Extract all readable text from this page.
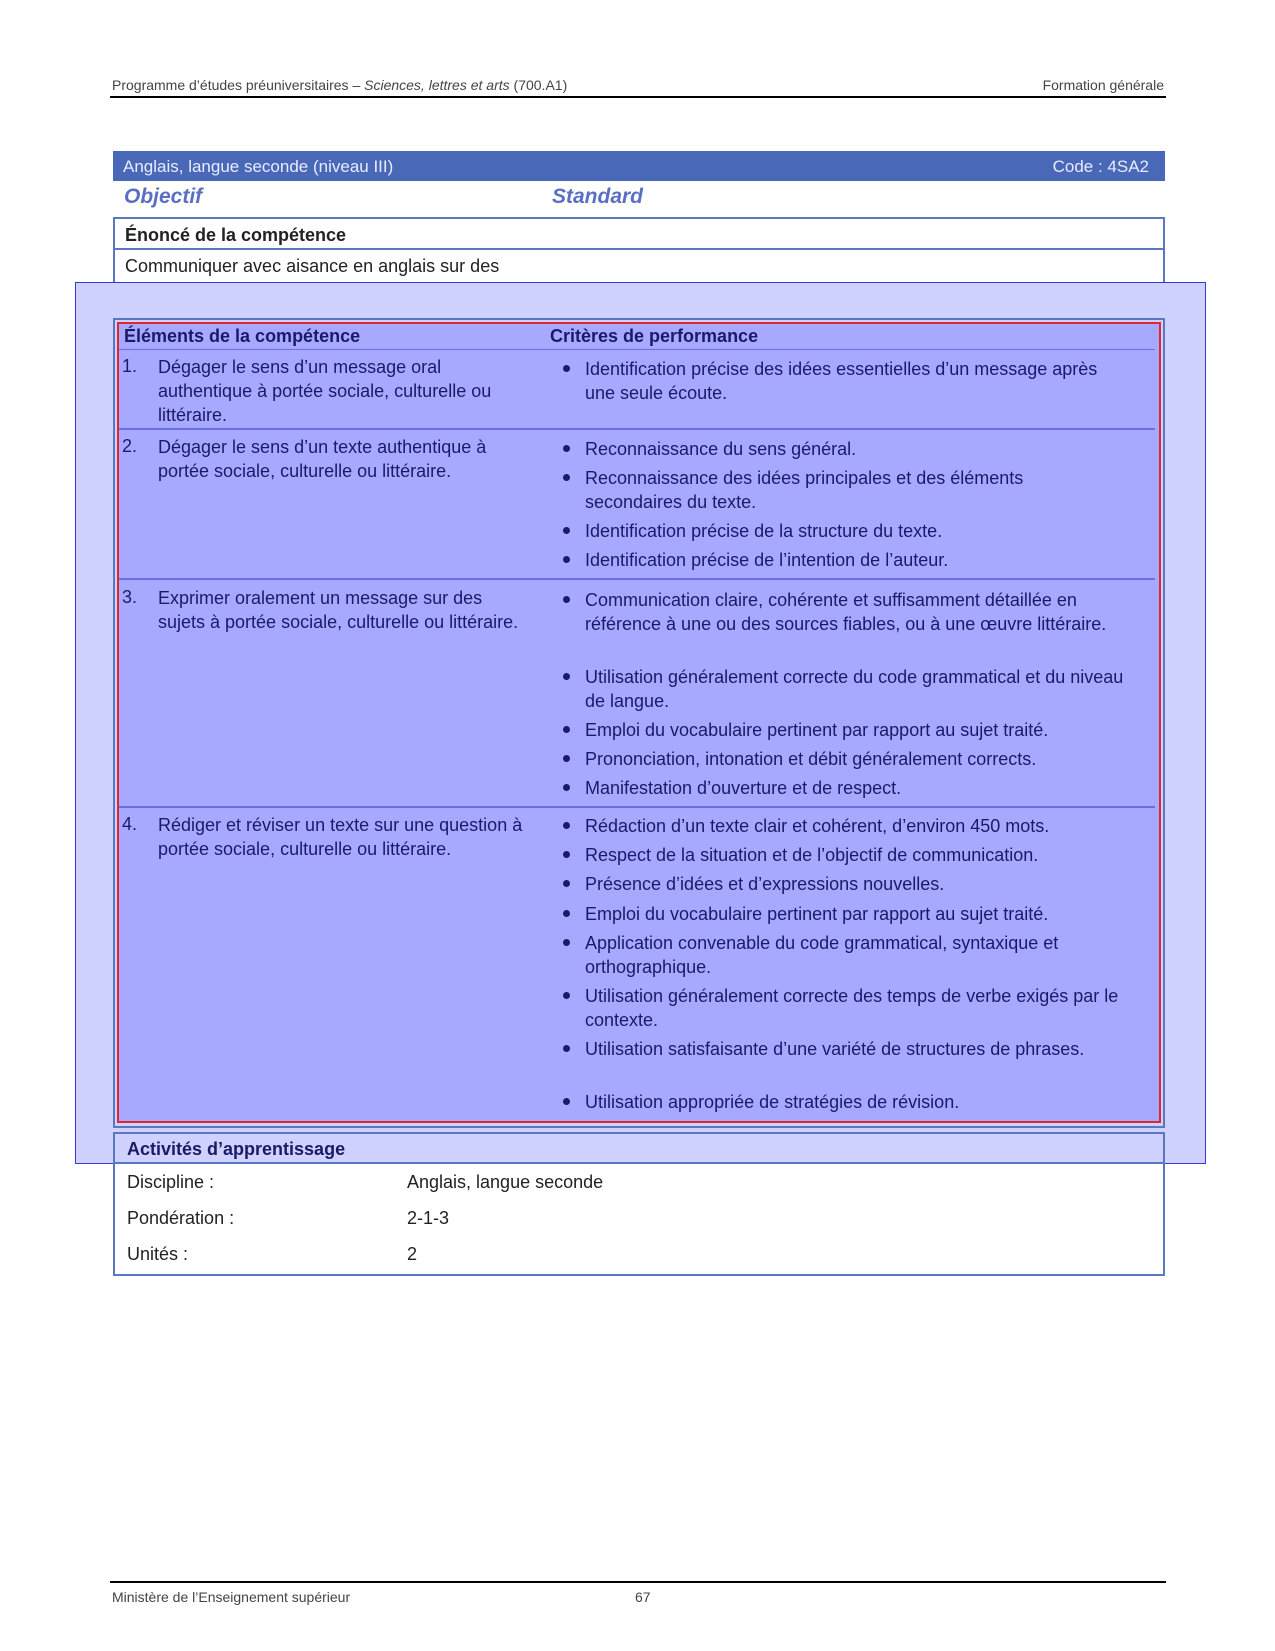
Programme d’études préuniversitaires – Sciences, lettres et arts (700.A1)	Formation générale
Anglais, langue seconde (niveau III)	Code : 4SA2
Objectif	Standard
Énoncé de la compétence
Communiquer avec aisance en anglais sur des
Éléments de la compétence	Critères de performance
1. Dégager le sens d’un message oral authentique à portée sociale, culturelle ou littéraire.
Identification précise des idées essentielles d’un message après une seule écoute.
2. Dégager le sens d’un texte authentique à portée sociale, culturelle ou littéraire.
Reconnaissance du sens général.
Reconnaissance des idées principales et des éléments secondaires du texte.
Identification précise de la structure du texte.
Identification précise de l’intention de l’auteur.
3. Exprimer oralement un message sur des sujets à portée sociale, culturelle ou littéraire.
Communication claire, cohérente et suffisamment détaillée en référence à une ou des sources fiables, ou à une œuvre littéraire.
Utilisation généralement correcte du code grammatical et du niveau de langue.
Emploi du vocabulaire pertinent par rapport au sujet traité.
Prononciation, intonation et débit généralement corrects.
Manifestation d’ouverture et de respect.
4. Rédiger et réviser un texte sur une question à portée sociale, culturelle ou littéraire.
Rédaction d’un texte clair et cohérent, d’environ 450 mots.
Respect de la situation et de l’objectif de communication.
Présence d’idées et d’expressions nouvelles.
Emploi du vocabulaire pertinent par rapport au sujet traité.
Application convenable du code grammatical, syntaxique et orthographique.
Utilisation généralement correcte des temps de verbe exigés par le contexte.
Utilisation satisfaisante d’une variété de structures de phrases.
Utilisation appropriée de stratégies de révision.
Activités d’apprentissage
Discipline :	Anglais, langue seconde
Pondération :	2-1-3
Unités :	2
Ministère de l’Enseignement supérieur	67
